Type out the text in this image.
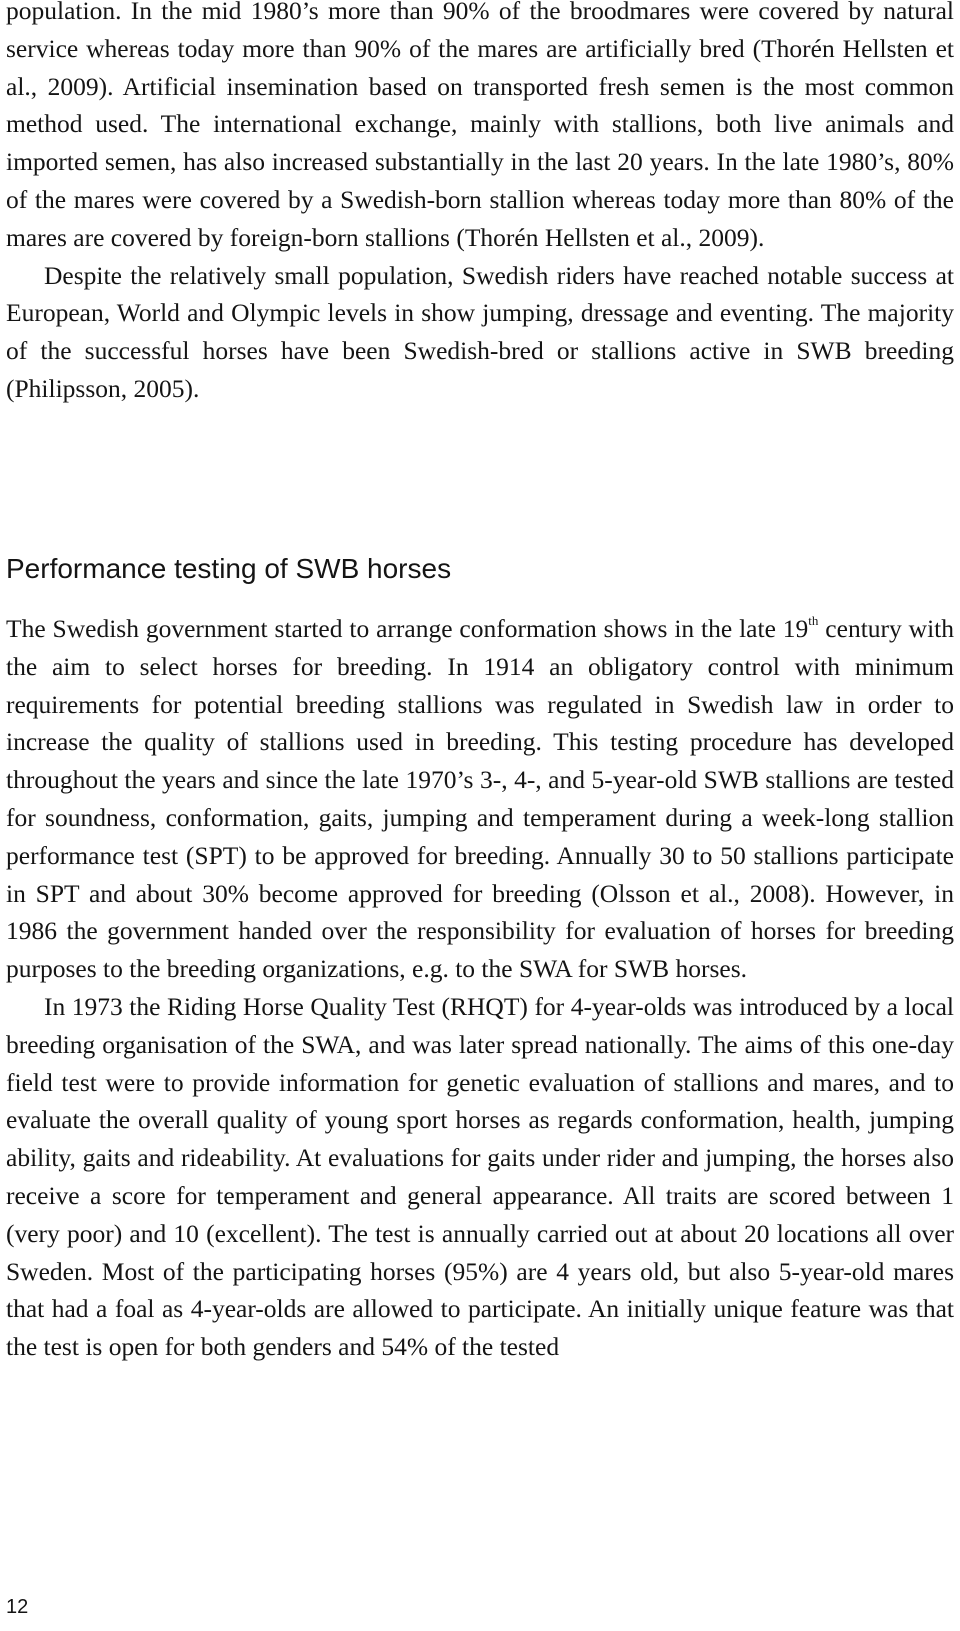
population. In the mid 1980’s more than 90% of the broodmares were covered by natural service whereas today more than 90% of the mares are artificially bred (Thorén Hellsten et al., 2009). Artificial insemination based on transported fresh semen is the most common method used. The international exchange, mainly with stallions, both live animals and imported semen, has also increased substantially in the last 20 years. In the late 1980’s, 80% of the mares were covered by a Swedish-born stallion whereas today more than 80% of the mares are covered by foreign-born stallions (Thorén Hellsten et al., 2009).

Despite the relatively small population, Swedish riders have reached notable success at European, World and Olympic levels in show jumping, dressage and eventing. The majority of the successful horses have been Swedish-bred or stallions active in SWB breeding (Philipsson, 2005).

Performance testing of SWB horses

The Swedish government started to arrange conformation shows in the late 19th century with the aim to select horses for breeding. In 1914 an obligatory control with minimum requirements for potential breeding stallions was regulated in Swedish law in order to increase the quality of stallions used in breeding. This testing procedure has developed throughout the years and since the late 1970’s 3-, 4-, and 5-year-old SWB stallions are tested for soundness, conformation, gaits, jumping and temperament during a week-long stallion performance test (SPT) to be approved for breeding. Annually 30 to 50 stallions participate in SPT and about 30% become approved for breeding (Olsson et al., 2008). However, in 1986 the government handed over the responsibility for evaluation of horses for breeding purposes to the breeding organizations, e.g. to the SWA for SWB horses.

In 1973 the Riding Horse Quality Test (RHQT) for 4-year-olds was introduced by a local breeding organisation of the SWA, and was later spread nationally. The aims of this one-day field test were to provide information for genetic evaluation of stallions and mares, and to evaluate the overall quality of young sport horses as regards conformation, health, jumping ability, gaits and rideability. At evaluations for gaits under rider and jumping, the horses also receive a score for temperament and general appearance. All traits are scored between 1 (very poor) and 10 (excellent). The test is annually carried out at about 20 locations all over Sweden. Most of the participating horses (95%) are 4 years old, but also 5-year-old mares that had a foal as 4-year-olds are allowed to participate. An initially unique feature was that the test is open for both genders and 54% of the tested

12
